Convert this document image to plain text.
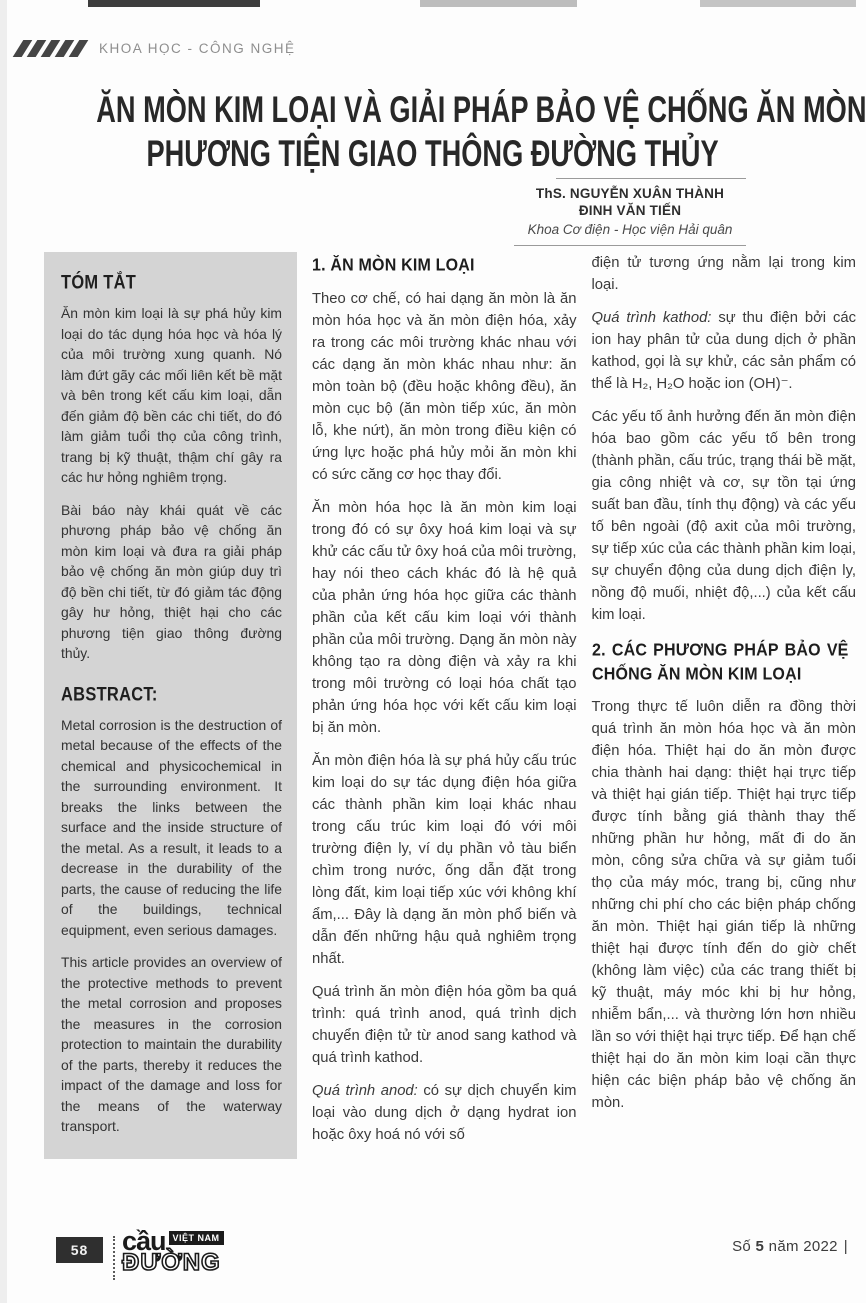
KHOA HỌC - CÔNG NGHỆ
ĂN MÒN KIM LOẠI VÀ GIẢI PHÁP BẢO VỆ CHỐNG ĂN MÒN
PHƯƠNG TIỆN GIAO THÔNG ĐƯỜNG THỦY
ThS. NGUYỄN XUÂN THÀNH
ĐINH VĂN TIẾN
Khoa Cơ điện - Học viện Hải quân
TÓM TẮT

Ăn mòn kim loại là sự phá hủy kim loại do tác dụng hóa học và hóa lý của môi trường xung quanh. Nó làm đứt gãy các mối liên kết bề mặt và bên trong kết cấu kim loại, dẫn đến giảm độ bền các chi tiết, do đó làm giảm tuổi thọ của công trình, trang bị kỹ thuật, thậm chí gây ra các hư hỏng nghiêm trọng.

Bài báo này khái quát về các phương pháp bảo vệ chống ăn mòn kim loại và đưa ra giải pháp bảo vệ chống ăn mòn giúp duy trì độ bền chi tiết, từ đó giảm tác động gây hư hỏng, thiệt hại cho các phương tiện giao thông đường thủy.

ABSTRACT:

Metal corrosion is the destruction of metal because of the effects of the chemical and physicochemical in the surrounding environment. It breaks the links between the surface and the inside structure of the metal. As a result, it leads to a decrease in the durability of the parts, the cause of reducing the life of the buildings, technical equipment, even serious damages.

This article provides an overview of the protective methods to prevent the metal corrosion and proposes the measures in the corrosion protection to maintain the durability of the parts, thereby it reduces the impact of the damage and loss for the means of the waterway transport.

1. ĂN MÒN KIM LOẠI

Theo cơ chế, có hai dạng ăn mòn là ăn mòn hóa học và ăn mòn điện hóa, xảy ra trong các môi trường khác nhau với các dạng ăn mòn khác nhau như: ăn mòn toàn bộ (đều hoặc không đều), ăn mòn cục bộ (ăn mòn tiếp xúc, ăn mòn lỗ, khe nứt), ăn mòn trong điều kiện có ứng lực hoặc phá hủy mỏi ăn mòn khi có sức căng cơ học thay đổi.

Ăn mòn hóa học là ăn mòn kim loại trong đó có sự ôxy hoá kim loại và sự khử các cấu tử ôxy hoá của môi trường, hay nói theo cách khác đó là hệ quả của phản ứng hóa học giữa các thành phần của kết cấu kim loại với thành phần của môi trường. Dạng ăn mòn này không tạo ra dòng điện và xảy ra khi trong môi trường có loại hóa chất tạo phản ứng hóa học với kết cấu kim loại bị ăn mòn.

Ăn mòn điện hóa là sự phá hủy cấu trúc kim loại do sự tác dụng điện hóa giữa các thành phần kim loại khác nhau trong cấu trúc kim loại đó với môi trường điện ly, ví dụ phần vỏ tàu biển chìm trong nước, ống dẫn đặt trong lòng đất, kim loại tiếp xúc với không khí ẩm,... Đây là dạng ăn mòn phổ biến và dẫn đến những hậu quả nghiêm trọng nhất.

Quá trình ăn mòn điện hóa gồm ba quá trình: quá trình anod, quá trình dịch chuyển điện tử từ anod sang kathod và quá trình kathod.

Quá trình anod: có sự dịch chuyển kim loại vào dung dịch ở dạng hydrat ion hoặc ôxy hoá nó với số

điện tử tương ứng nằm lại trong kim loại.

Quá trình kathod: sự thu điện bởi các ion hay phân tử của dung dịch ở phần kathod, gọi là sự khử, các sản phẩm có thể là H₂, H₂O hoặc ion (OH)⁻.

Các yếu tố ảnh hưởng đến ăn mòn điện hóa bao gồm các yếu tố bên trong (thành phần, cấu trúc, trạng thái bề mặt, gia công nhiệt và cơ, sự tồn tại ứng suất ban đầu, tính thụ động) và các yếu tố bên ngoài (độ axit của môi trường, sự tiếp xúc của các thành phần kim loại, sự chuyển động của dung dịch điện ly, nồng độ muối, nhiệt độ,...) của kết cấu kim loại.

2. CÁC PHƯƠNG PHÁP BẢO VỆ CHỐNG ĂN MÒN KIM LOẠI

Trong thực tế luôn diễn ra đồng thời quá trình ăn mòn hóa học và ăn mòn điện hóa. Thiệt hại do ăn mòn được chia thành hai dạng: thiệt hại trực tiếp và thiệt hại gián tiếp. Thiệt hại trực tiếp được tính bằng giá thành thay thế những phần hư hỏng, mất đi do ăn mòn, công sửa chữa và sự giảm tuổi thọ của máy móc, trang bị, cũng như những chi phí cho các biện pháp chống ăn mòn. Thiệt hại gián tiếp là những thiệt hại được tính đến do giờ chết (không làm việc) của các trang thiết bị kỹ thuật, máy móc khi bị hư hỏng, nhiễm bẩn,... và thường lớn hơn nhiều lần so với thiệt hại trực tiếp. Để hạn chế thiệt hại do ăn mòn kim loại cần thực hiện các biện pháp bảo vệ chống ăn mòn.

58	cầu VIỆT NAM
ĐƯỜNG
Số 5 năm 2022 |
